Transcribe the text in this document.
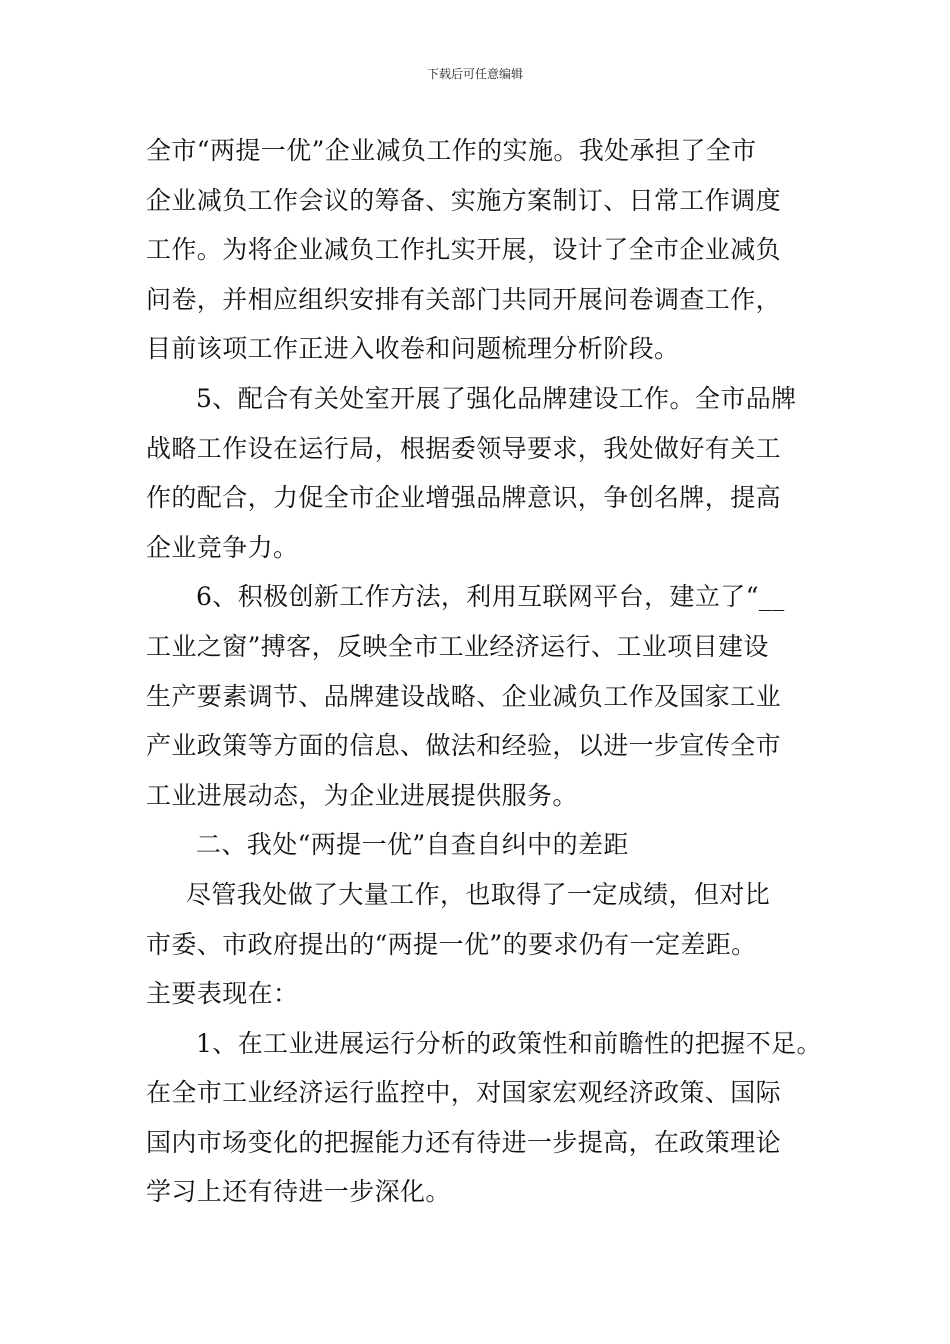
下载后可任意编辑
全市“两提一优”企业减负工作的实施。我处承担了全市
企业减负工作会议的筹备、实施方案制订、日常工作调度
工作。为将企业减负工作扎实开展，设计了全市企业减负
问卷，并相应组织安排有关部门共同开展问卷调查工作，
目前该项工作正进入收卷和问题梳理分析阶段。
5、配合有关处室开展了强化品牌建设工作。全市品牌
战略工作设在运行局，根据委领导要求，我处做好有关工
作的配合，力促全市企业增强品牌意识，争创名牌，提高
企业竞争力。
6、积极创新工作方法，利用互联网平台，建立了“__
工业之窗”搏客，反映全市工业经济运行、工业项目建设
生产要素调节、品牌建设战略、企业减负工作及国家工业
产业政策等方面的信息、做法和经验，以进一步宣传全市
工业进展动态，为企业进展提供服务。
二、我处“两提一优”自查自纠中的差距
尽管我处做了大量工作，也取得了一定成绩，但对比
市委、市政府提出的“两提一优”的要求仍有一定差距。
主要表现在：
1、在工业进展运行分析的政策性和前瞻性的把握不足。
在全市工业经济运行监控中，对国家宏观经济政策、国际
国内市场变化的把握能力还有待进一步提高，在政策理论
学习上还有待进一步深化。
